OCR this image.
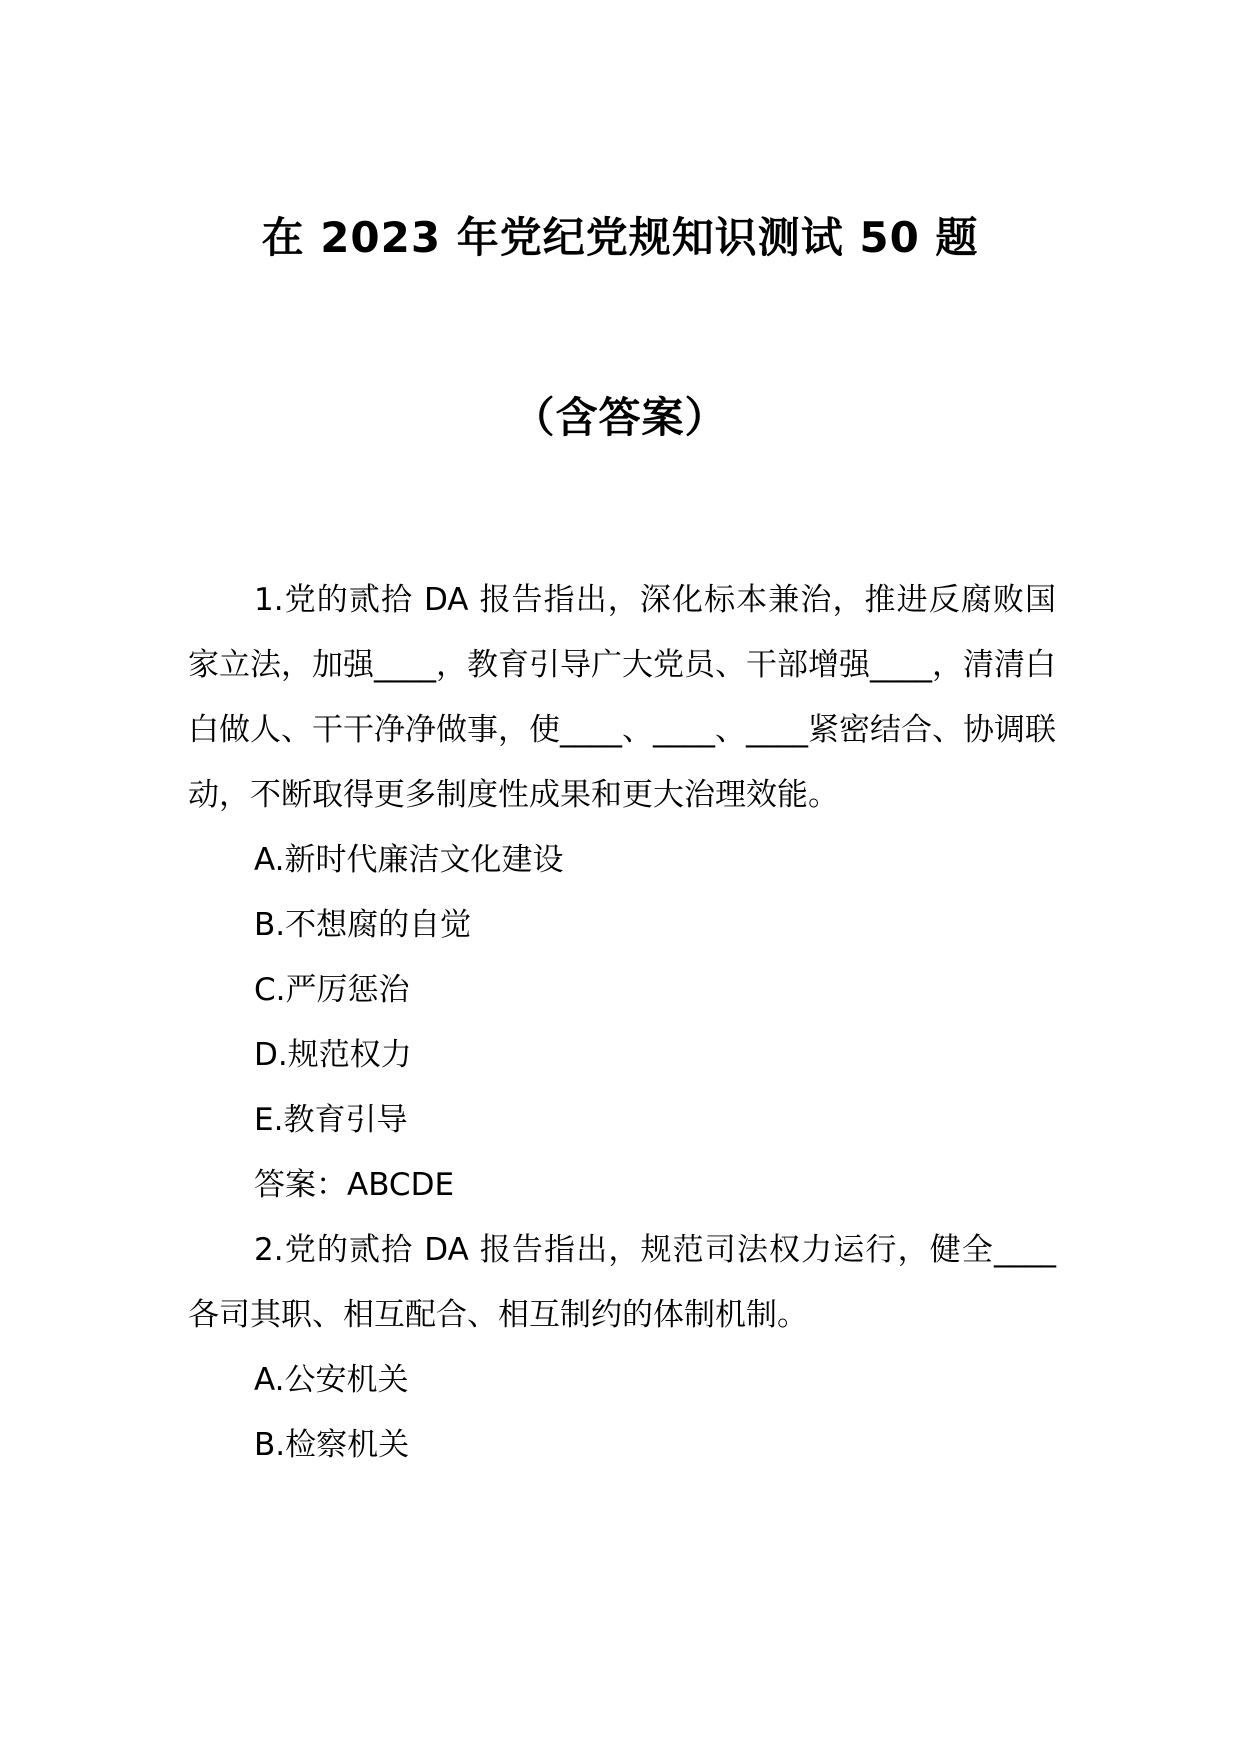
在 2023 年党纪党规知识测试 50 题
（含答案）

1.党的贰拾 DA 报告指出，深化标本兼治，推进反腐败国家立法，加强____，教育引导广大党员、干部增强____，清清白白做人、干干净净做事，使____、____、____紧密结合、协调联动，不断取得更多制度性成果和更大治理效能。

A.新时代廉洁文化建设

B.不想腐的自觉

C.严厉惩治

D.规范权力

E.教育引导

答案：ABCDE

2.党的贰拾 DA 报告指出，规范司法权力运行，健全____各司其职、相互配合、相互制约的体制机制。

A.公安机关

B.检察机关
